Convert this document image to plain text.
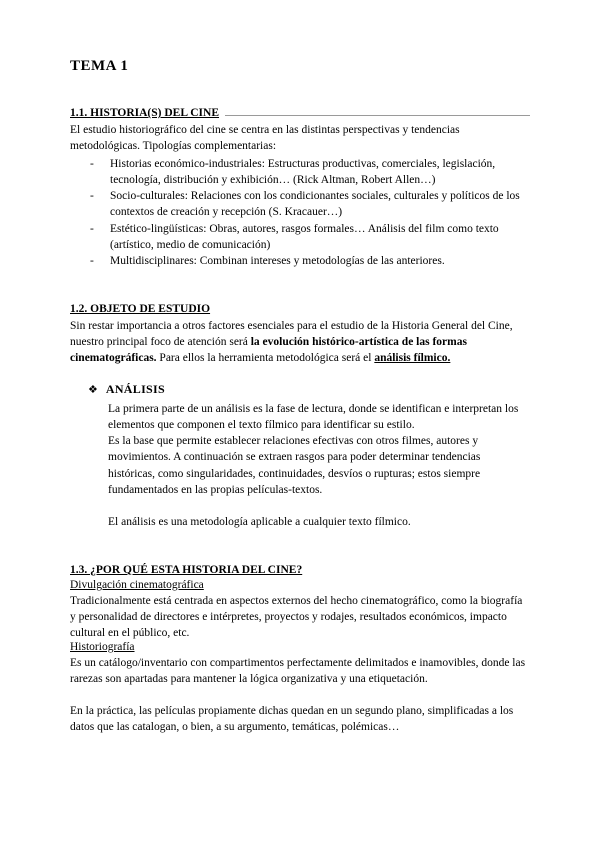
TEMA 1
1.1. HISTORIA(S) DEL CINE

El estudio historiográfico del cine se centra en las distintas perspectivas y tendencias metodológicas. Tipologías complementarias:

-	Historias económico-industriales: Estructuras productivas, comerciales, legislación, tecnología, distribución y exhibición… (Rick Altman, Robert Allen…)
-	Socio-culturales: Relaciones con los condicionantes sociales, culturales y políticos de los contextos de creación y recepción (S. Kracauer…)
-	Estético-lingüísticas: Obras, autores, rasgos formales… Análisis del film como texto (artístico, medio de comunicación)
-	Multidisciplinares: Combinan intereses y metodologías de las anteriores.
1.2. OBJETO DE ESTUDIO

Sin restar importancia a otros factores esenciales para el estudio de la Historia General del Cine, nuestro principal foco de atención será la evolución histórico-artística de las formas cinematográficas. Para ellos la herramienta metodológica será el análisis fílmico.

❖ ANÁLISIS

La primera parte de un análisis es la fase de lectura, donde se identifican e interpretan los elementos que componen el texto fílmico para identificar su estilo.

Es la base que permite establecer relaciones efectivas con otros filmes, autores y movimientos. A continuación se extraen rasgos para poder determinar tendencias históricas, como singularidades, continuidades, desvíos o rupturas; estos siempre fundamentados en las propias películas-textos.

El análisis es una metodología aplicable a cualquier texto fílmico.

1.3. ¿POR QUÉ ESTA HISTORIA DEL CINE?
Divulgación cinematográfica

Tradicionalmente está centrada en aspectos externos del hecho cinematográfico, como la biografía y personalidad de directores e intérpretes, proyectos y rodajes, resultados económicos, impacto cultural en el público, etc.

Historiografía

Es un catálogo/inventario con compartimentos perfectamente delimitados e inamovibles, donde las rarezas son apartadas para mantener la lógica organizativa y una etiquetación.

En la práctica, las películas propiamente dichas quedan en un segundo plano, simplificadas a los datos que las catalogan, o bien, a su argumento, temáticas, polémicas…
